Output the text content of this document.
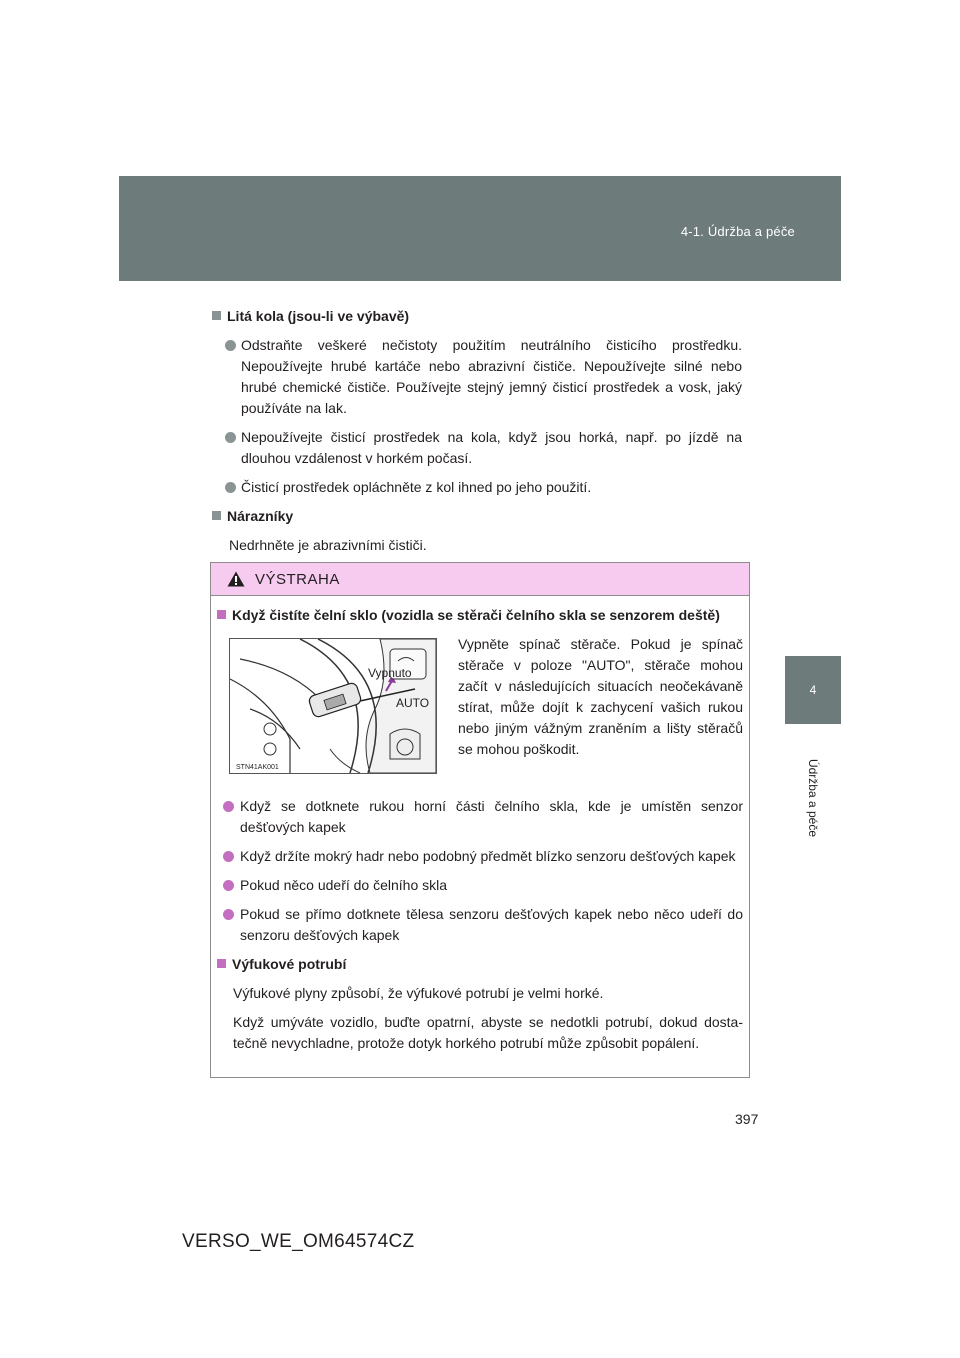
4-1. Údržba a péče
4
Údržba a péče
Litá kola (jsou-li ve výbavě)
Odstraňte veškeré nečistoty použitím neutrálního čisticího prostředku. Nepoužívejte hrubé kartáče nebo abrazivní čističe. Nepoužívejte silné nebo hrubé chemické čističe. Používejte stejný jemný čisticí prostředek a vosk, jaký používáte na lak.
Nepoužívejte čisticí prostředek na kola, když jsou horká, např. po jízdě na dlouhou vzdálenost v horkém počasí.
Čisticí prostředek opláchněte z kol ihned po jeho použití.
Nárazníky
Nedrhněte je abrazivními čističi.
VÝSTRAHA
Když čistíte čelní sklo (vozidla se stěrači čelního skla se senzorem deště)
Vypnuto
AUTO
STN41AK001
Vypněte spínač stěrače. Pokud je spínač stěrače v poloze "AUTO", stěrače mohou začít v následujících situacích neočekávaně stírat, může dojít k zachycení vašich rukou nebo jiným vážným zraněním a lišty stěračů se mohou poškodit.
Když se dotknete rukou horní části čelního skla, kde je umístěn senzor dešťových kapek
Když držíte mokrý hadr nebo podobný předmět blízko senzoru dešťových kapek
Pokud něco udeří do čelního skla
Pokud se přímo dotknete tělesa senzoru dešťových kapek nebo něco udeří do senzoru dešťových kapek
Výfukové potrubí
Výfukové plyny způsobí, že výfukové potrubí je velmi horké.
Když umýváte vozidlo, buďte opatrní, abyste se nedotkli potrubí, dokud dostatečně nevychladne, protože dotyk horkého potrubí může způsobit popálení.
397
VERSO_WE_OM64574CZ
